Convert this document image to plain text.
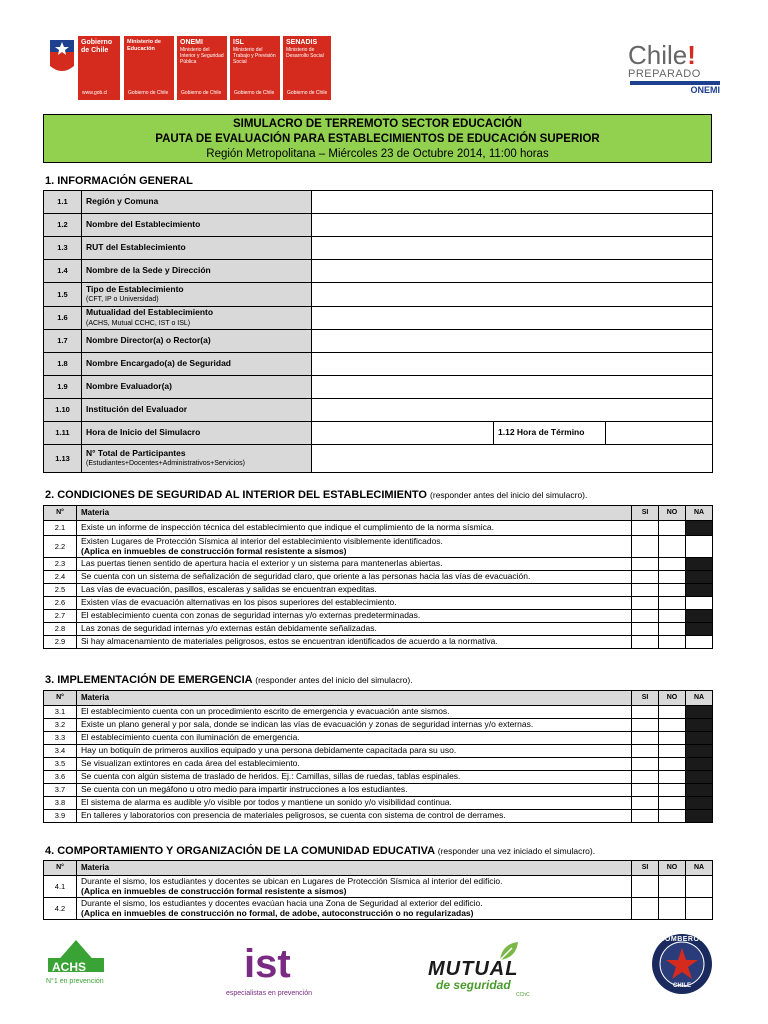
Gobierno de Chile
www.gob.cl
Ministerio de Educación
Gobierno de Chile
ONEMI
Ministerio del Interior y Seguridad Pública
Gobierno de Chile
ISL
Ministerio del Trabajo y Previsión Social
Gobierno de Chile
SENADIS
Ministerio de Desarrollo Social
Gobierno de Chile
Chile!
PREPARADO
ONEMI
SIMULACRO DE TERREMOTO SECTOR EDUCACIÓN
PAUTA DE EVALUACIÓN PARA ESTABLECIMIENTOS DE EDUCACIÓN SUPERIOR
Región Metropolitana – Miércoles 23 de Octubre 2014, 11:00 horas
1. INFORMACIÓN GENERAL
1.1	Región y Comuna			

1.2	Nombre del Establecimiento			

1.3	RUT del Establecimiento			

1.4	Nombre de la Sede y Dirección			

1.5	Tipo de Establecimiento
(CFT, IP o Universidad)			
1.6	Mutualidad del Establecimiento
(ACHS, Mutual CCHC, IST o ISL)			
1.7	Nombre Director(a) o Rector(a)			

1.8	Nombre Encargado(a) de Seguridad			

1.9	Nombre Evaluador(a)			

1.10	Institución del Evaluador			

1.11	Hora de Inicio del Simulacro		1.12 Hora de Término	
1.13	N° Total de Participantes
(Estudiantes+Docentes+Administrativos+Servicios)			
2. CONDICIONES DE SEGURIDAD AL INTERIOR DEL ESTABLECIMIENTO (responder antes del inicio del simulacro).
N°	Materia	SI	NO	NA
2.1	Existe un informe de inspección técnica del establecimiento que indique el cumplimiento de la norma sísmica.			

2.2	Existen Lugares de Protección Sísmica al interior del establecimiento visiblemente identificados.
(Aplica en inmuebles de construcción formal resistente a sismos)			
2.3	Las puertas tienen sentido de apertura hacia el exterior y un sistema para mantenerlas abiertas.			

2.4	Se cuenta con un sistema de señalización de seguridad claro, que oriente a las personas hacia las vías de evacuación.			

2.5	Las vías de evacuación, pasillos, escaleras y salidas se encuentran expeditas.			

2.6	Existen vías de evacuación alternativas en los pisos superiores del establecimiento.			

2.7	El establecimiento cuenta con zonas de seguridad internas y/o externas predeterminadas.			

2.8	Las zonas de seguridad internas y/o externas están debidamente señalizadas.			

2.9	Si hay almacenamiento de materiales peligrosos, estos se encuentran identificados de acuerdo a la normativa.			

3. IMPLEMENTACIÓN DE EMERGENCIA (responder antes del inicio del simulacro).
N°	Materia	SI	NO	NA
3.1	El establecimiento cuenta con un procedimiento escrito de emergencia y evacuación ante sismos.			

3.2	Existe un plano general y por sala, donde se indican las vías de evacuación y zonas de seguridad internas y/o externas.			

3.3	El establecimiento cuenta con iluminación de emergencia.			

3.4	Hay un botiquín de primeros auxilios equipado y una persona debidamente capacitada para su uso.			

3.5	Se visualizan extintores en cada área del establecimiento.			

3.6	Se cuenta con algún sistema de traslado de heridos. Ej.: Camillas, sillas de ruedas, tablas espinales.			

3.7	Se cuenta con un megáfono u otro medio para impartir instrucciones a los estudiantes.			

3.8	El sistema de alarma es audible y/o visible por todos y mantiene un sonido y/o visibilidad continua.			

3.9	En talleres y laboratorios con presencia de materiales peligrosos, se cuenta con sistema de control de derrames.			

4. COMPORTAMIENTO Y ORGANIZACIÓN DE LA COMUNIDAD EDUCATIVA (responder una vez iniciado el simulacro).
N°	Materia	SI	NO	NA
4.1	Durante el sismo, los estudiantes y docentes se ubican en Lugares de Protección Sísmica al interior del edificio.
(Aplica en inmuebles de construcción formal resistente a sismos)			
4.2	Durante el sismo, los estudiantes y docentes evacúan hacia una Zona de Seguridad al exterior del edificio.
(Aplica en inmuebles de construcción no formal, de adobe, autoconstrucción o no regularizadas)			
ACHS
N°1 en prevención	ist
especialistas en prevención
MUTUAL
de seguridad
CChC
BOMBEROS
CHILE
